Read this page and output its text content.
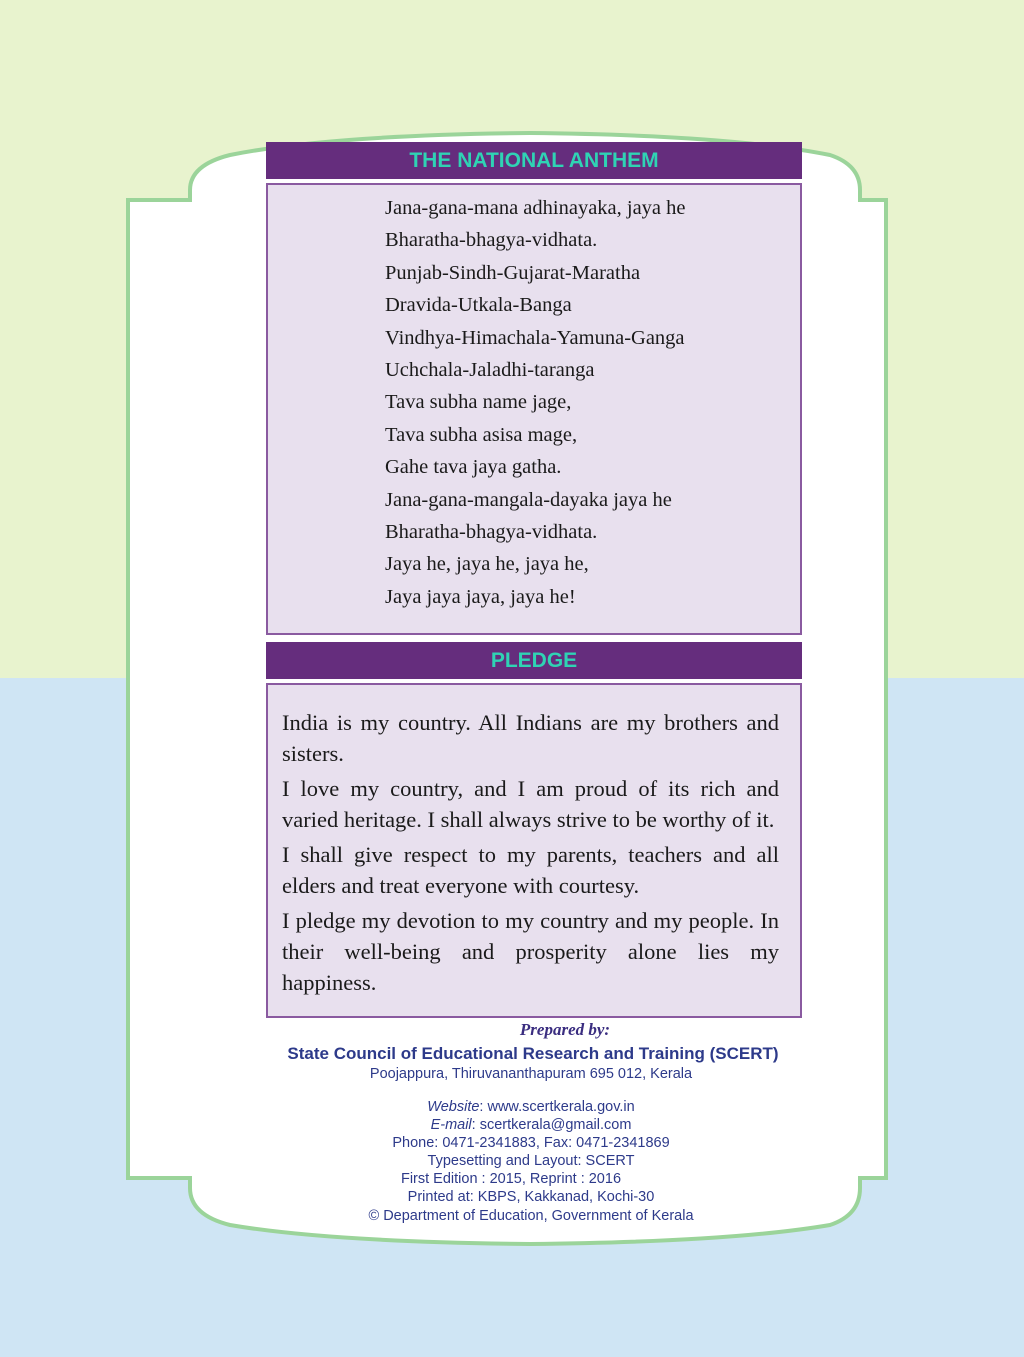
THE NATIONAL ANTHEM
Jana-gana-mana adhinayaka, jaya he
Bharatha-bhagya-vidhata.
Punjab-Sindh-Gujarat-Maratha
Dravida-Utkala-Banga
Vindhya-Himachala-Yamuna-Ganga
Uchchala-Jaladhi-taranga
Tava subha name jage,
Tava subha asisa mage,
Gahe tava jaya gatha.
Jana-gana-mangala-dayaka jaya he
Bharatha-bhagya-vidhata.
Jaya he, jaya he, jaya he,
Jaya jaya jaya, jaya he!
PLEDGE

India is my country. All Indians are my brothers and sisters.

I love my country, and I am proud of its rich and varied heritage. I shall always strive to be worthy of it.

I shall give respect to my parents, teachers and all elders and treat everyone with courtesy.

I pledge my devotion to my country and my people. In their well-being and prosperity alone lies my happiness.

Prepared by:
State Council of Educational Research and Training (SCERT)
Poojappura, Thiruvananthapuram 695 012, Kerala
Website: www.scertkerala.gov.in
E-mail: scertkerala@gmail.com
Phone: 0471-2341883, Fax: 0471-2341869
Typesetting and Layout: SCERT
First Edition : 2015, Reprint : 2016
Printed at: KBPS, Kakkanad, Kochi-30
© Department of Education, Government of Kerala
